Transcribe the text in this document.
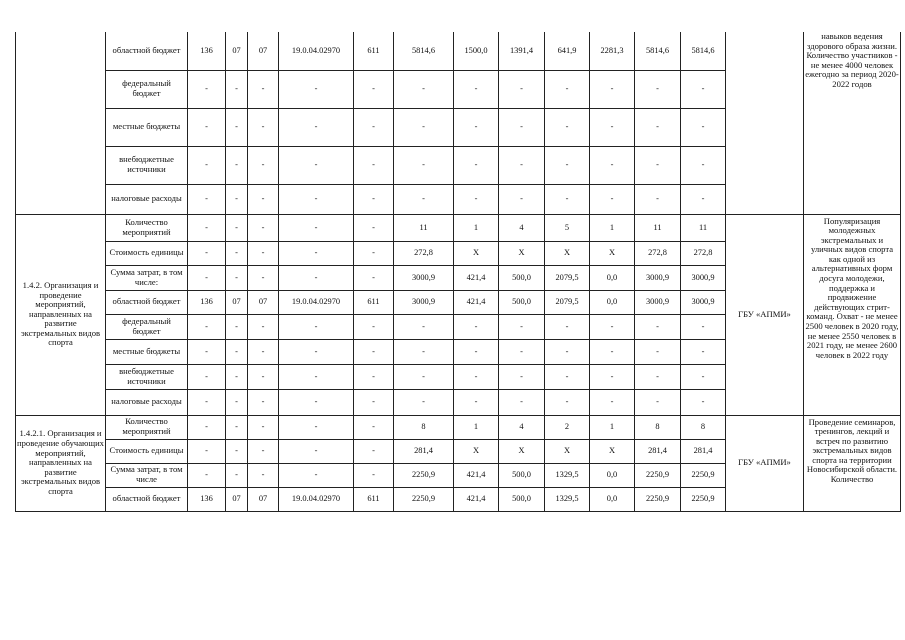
	областной бюджет	136	07	07	19.0.04.02970	611	5814,6	1500,0	1391,4	641,9	2281,3	5814,6	5814,6		навыков ведения здорового образа жизни. Количество участников - не менее 4000 человек ежегодно за период 2020-2022 годов
	федеральный бюджет	-	-	-	-	-	-	-	-	-	-	-	-		
	местные бюджеты	-	-	-	-	-	-	-	-	-	-	-	-		
	внебюджетные источники	-	-	-	-	-	-	-	-	-	-	-	-		
	налоговые расходы	-	-	-	-	-	-	-	-	-	-	-	-		
1.4.2. Организация и проведение мероприятий, направленных на развитие экстремальных видов спорта	Количество мероприятий	-	-	-	-	-	11	1	4	5	1	11	11	ГБУ «АПМИ»	Популяризация молодежных экстремальных и уличных видов спорта как одной из альтернативных форм досуга молодежи, поддержка и продвижение действующих стрит-команд. Охват - не менее 2500 человек в 2020 году, не менее 2550 человек в 2021 году, не менее 2600 человек в 2022 году
	Стоимость единицы	-	-	-	-	-	272,8	X	X	X	X	272,8	272,8		
	Сумма затрат, в том числе:	-	-	-	-	-	3000,9	421,4	500,0	2079,5	0,0	3000,9	3000,9		
	областной бюджет	136	07	07	19.0.04.02970	611	3000,9	421,4	500,0	2079,5	0,0	3000,9	3000,9		
	федеральный бюджет	-	-	-	-	-	-	-	-	-	-	-	-		
	местные бюджеты	-	-	-	-	-	-	-	-	-	-	-	-		
	внебюджетные источники	-	-	-	-	-	-	-	-	-	-	-	-		
	налоговые расходы	-	-	-	-	-	-	-	-	-	-	-	-		
1.4.2.1. Организация и проведение обучающих мероприятий, направленных на развитие экстремальных видов спорта	Количество мероприятий	-	-	-	-	-	8	1	4	2	1	8	8	ГБУ «АПМИ»	Проведение семинаров, тренингов, лекций и встреч по развитию экстремальных видов спорта на территории Новосибирской области. Количество
	Стоимость единицы	-	-	-	-	-	281,4	X	X	X	X	281,4	281,4		
	Сумма затрат, в том числе	-	-	-	-	-	2250,9	421,4	500,0	1329,5	0,0	2250,9	2250,9		
	областной бюджет	136	07	07	19.0.04.02970	611	2250,9	421,4	500,0	1329,5	0,0	2250,9	2250,9		
